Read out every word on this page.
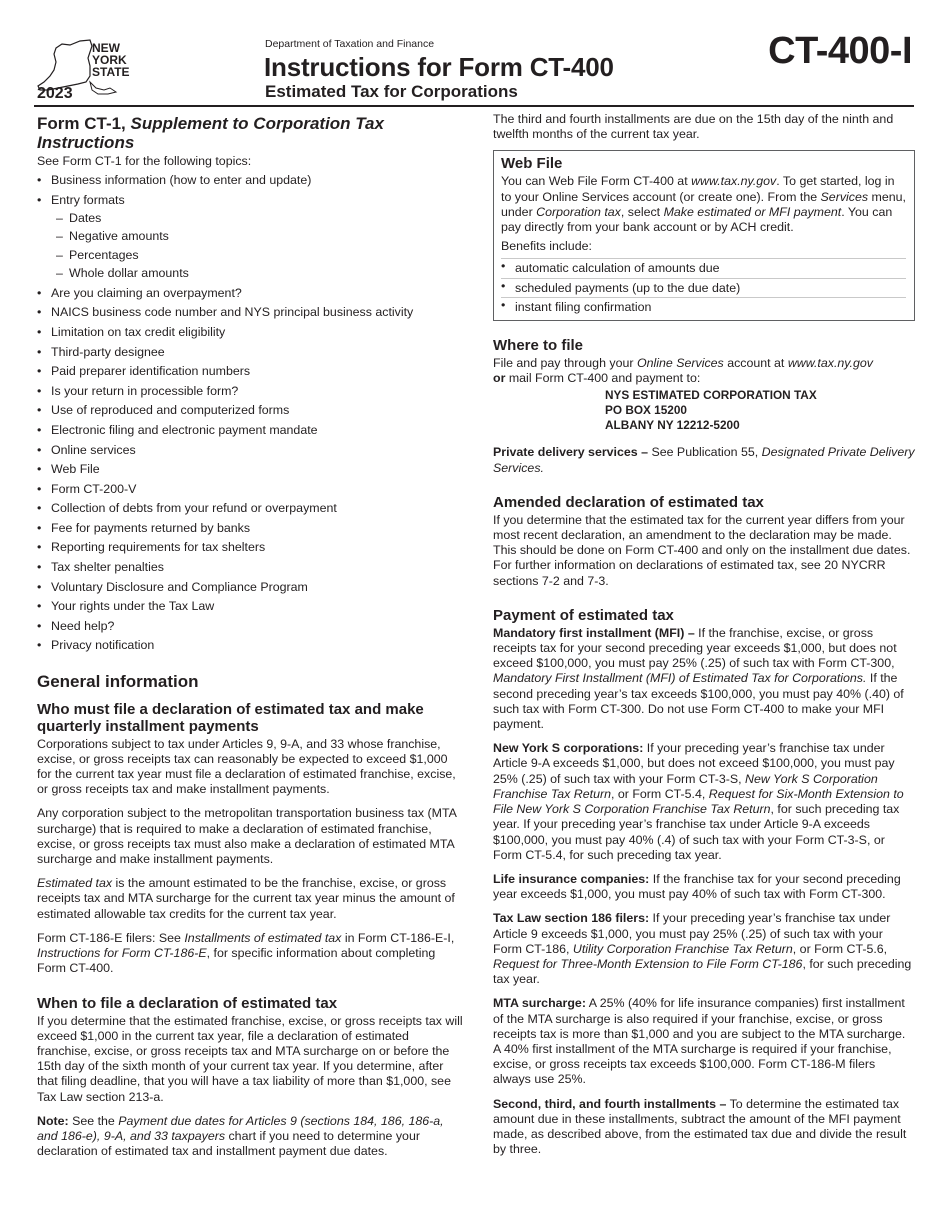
NEW
YORK
STATE
2023
Department of Taxation and Finance
Instructions for Form CT-400
Estimated Tax for Corporations
CT-400-I
Form CT-1, Supplement to Corporation Tax Instructions

See Form CT-1 for the following topics:

• Business information (how to enter and update)
• Entry formats
– Dates
– Negative amounts
– Percentages
– Whole dollar amounts
• Are you claiming an overpayment?
• NAICS business code number and NYS principal business activity
• Limitation on tax credit eligibility
• Third-party designee
• Paid preparer identification numbers
• Is your return in processible form?
• Use of reproduced and computerized forms
• Electronic filing and electronic payment mandate
• Online services
• Web File
• Form CT-200-V
• Collection of debts from your refund or overpayment
• Fee for payments returned by banks
• Reporting requirements for tax shelters
• Tax shelter penalties
• Voluntary Disclosure and Compliance Program
• Your rights under the Tax Law
• Need help?
• Privacy notification
General information
Who must file a declaration of estimated tax and make quarterly installment payments

Corporations subject to tax under Articles 9, 9-A, and 33 whose franchise, excise, or gross receipts tax can reasonably be expected to exceed $1,000 for the current tax year must file a declaration of estimated franchise, excise, or gross receipts tax and make installment payments.

Any corporation subject to the metropolitan transportation business tax (MTA surcharge) that is required to make a declaration of estimated franchise, excise, or gross receipts tax must also make a declaration of estimated MTA surcharge and make installment payments.

Estimated tax is the amount estimated to be the franchise, excise, or gross receipts tax and MTA surcharge for the current tax year minus the amount of estimated allowable tax credits for the current tax year.

Form CT-186-E filers: See Installments of estimated tax in Form CT-186-E-I, Instructions for Form CT-186-E, for specific information about completing Form CT-400.

When to file a declaration of estimated tax

If you determine that the estimated franchise, excise, or gross receipts tax will exceed $1,000 in the current tax year, file a declaration of estimated franchise, excise, or gross receipts tax and MTA surcharge on or before the 15th day of the sixth month of your current tax year. If you determine, after that filing deadline, that you will have a tax liability of more than $1,000, see Tax Law section 213-a.

Note: See the Payment due dates for Articles 9 (sections 184, 186, 186-a, and 186-e), 9-A, and 33 taxpayers chart if you need to determine your declaration of estimated tax and installment payment due dates.

The third and fourth installments are due on the 15th day of the ninth and twelfth months of the current tax year.

Web File

You can Web File Form CT-400 at www.tax.ny.gov. To get started, log in to your Online Services account (or create one). From the Services menu, under Corporation tax, select Make estimated or MFI payment. You can pay directly from your bank account or by ACH credit.

Benefits include:

• automatic calculation of amounts due
• scheduled payments (up to the due date)
• instant filing confirmation
Where to file

File and pay through your Online Services account at www.tax.ny.gov
or mail Form CT-400 and payment to:

NYS ESTIMATED CORPORATION TAX
PO BOX 15200
ALBANY NY 12212-5200

Private delivery services – See Publication 55, Designated Private Delivery Services.

Amended declaration of estimated tax

If you determine that the estimated tax for the current year differs from your most recent declaration, an amendment to the declaration may be made. This should be done on Form CT-400 and only on the installment due dates. For further information on declarations of estimated tax, see 20 NYCRR sections 7-2 and 7-3.

Payment of estimated tax

Mandatory first installment (MFI) – If the franchise, excise, or gross receipts tax for your second preceding year exceeds $1,000, but does not exceed $100,000, you must pay 25% (.25) of such tax with Form CT-300, Mandatory First Installment (MFI) of Estimated Tax for Corporations. If the second preceding year’s tax exceeds $100,000, you must pay 40% (.40) of such tax with Form CT-300. Do not use Form CT-400 to make your MFI payment.

New York S corporations: If your preceding year’s franchise tax under Article 9-A exceeds $1,000, but does not exceed $100,000, you must pay 25% (.25) of such tax with your Form CT-3-S, New York S Corporation Franchise Tax Return, or Form CT-5.4, Request for Six-Month Extension to File New York S Corporation Franchise Tax Return, for such preceding tax year. If your preceding year’s franchise tax under Article 9-A exceeds $100,000, you must pay 40% (.4) of such tax with your Form CT-3-S, or Form CT-5.4, for such preceding tax year.

Life insurance companies: If the franchise tax for your second preceding year exceeds $1,000, you must pay 40% of such tax with Form CT-300.

Tax Law section 186 filers: If your preceding year’s franchise tax under Article 9 exceeds $1,000, you must pay 25% (.25) of such tax with your Form CT-186, Utility Corporation Franchise Tax Return, or Form CT-5.6, Request for Three-Month Extension to File Form CT-186, for such preceding tax year.

MTA surcharge: A 25% (40% for life insurance companies) first installment of the MTA surcharge is also required if your franchise, excise, or gross receipts tax is more than $1,000 and you are subject to the MTA surcharge. A 40% first installment of the MTA surcharge is required if your franchise, excise, or gross receipts tax exceeds $100,000. Form CT-186-M filers always use 25%.

Second, third, and fourth installments – To determine the estimated tax amount due in these installments, subtract the amount of the MFI payment made, as described above, from the estimated tax due and divide the result by three.
